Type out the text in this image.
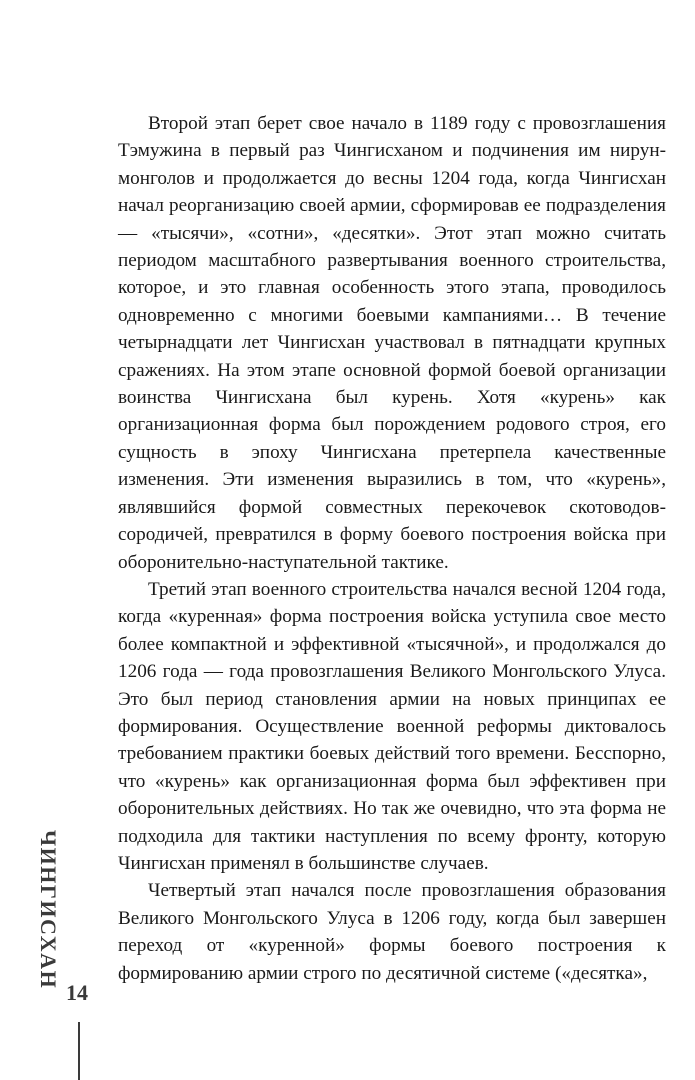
Второй этап берет свое начало в 1189 году с провозглашения Тэмужина в первый раз Чингисханом и подчинения им нирун-монголов и продолжается до весны 1204 года, когда Чингисхан начал реорганизацию своей армии, сформировав ее подразделения — «тысячи», «сотни», «десятки». Этот этап можно считать периодом масштабного развертывания военного строительства, которое, и это главная особенность этого этапа, проводилось одновременно с многими боевыми кампаниями… В течение четырнадцати лет Чингисхан участвовал в пятнадцати крупных сражениях. На этом этапе основной формой боевой организации воинства Чингисхана был курень. Хотя «курень» как организационная форма был порождением родового строя, его сущность в эпоху Чингисхана претерпела качественные изменения. Эти изменения выразились в том, что «курень», являвшийся формой совместных перекочевок скотоводов-сородичей, превратился в форму боевого построения войска при оборонительно-наступательной тактике.

Третий этап военного строительства начался весной 1204 года, когда «куренная» форма построения войска уступила свое место более компактной и эффективной «тысячной», и продолжался до 1206 года — года провозглашения Великого Монгольского Улуса. Это был период становления армии на новых принципах ее формирования. Осуществление военной реформы диктовалось требованием практики боевых действий того времени. Бесспорно, что «курень» как организационная форма был эффективен при оборонительных действиях. Но так же очевидно, что эта форма не подходила для тактики наступления по всему фронту, которую Чингисхан применял в большинстве случаев.

Четвертый этап начался после провозглашения образования Великого Монгольского Улуса в 1206 году, когда был завершен переход от «куренной» формы боевого построения к формированию армии строго по десятичной системе («десятка»,

ЧИНГИСХАН
14
